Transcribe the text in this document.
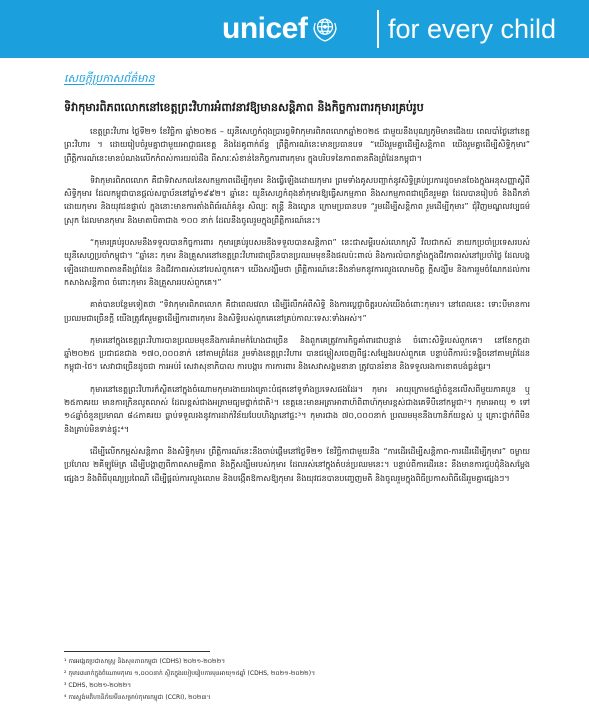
unicef	for every child

សេចក្តីប្រកាសព័ត៌មាន

ទិវាកុមារពិភពលោកនៅខេត្តព្រះវិហារអំពាវនាវឱ្យមានសន្តិភាព និងកិច្ចការពារកុមារគ្រប់រូប

ខេត្តព្រះវិហារ ថ្ងៃទី២១ ខែវិច្ឆិកា ឆ្នាំ២០២៥ – យូនីសេហ្វកំពុងប្រារព្ធទិវាកុមារពិភពលោកឆ្នាំ២០២៥ ជាមួយនឹងបុណ្យភូមិមានជើងយ ពេលបាំថ្ងៃនៅខេត្តព្រះវិហារ ។ ដោយរៀបចំរួមគ្នាជាមួយអាជ្ញាធរខេត្ត និងដៃគូពាក់ព័ន្ធ ព្រឹត្តិការណ៍នេះមានប្រធានបទ “យើងរួមគ្នាដើម្បីសន្តិភាព យើងរួមគ្នាដើម្បីសិទ្ធិកុមារ” ព្រឹត្តិការណ៍នេះមានបំណងលើកកំពស់ការយល់ដឹង ពីសារៈសំខាន់នៃកិច្ចការពារកុមារ ក្នុងបរិបទនៃភាពតានតឹងព្រំដែនកម្ពុជា។

ទិវាកុមារពិភពលោក គឺជាទិវាសកលនៃសកម្មភាពដើម្បីកុមារ និងធ្វើឡើងដោយកុមារ ព្រមទាំងគូសបញ្ជាក់នូវសិទ្ធិគ្រប់ប្រការដូចមានចែងក្នុងអនុសញ្ញាស្តីពីសិទ្ធិកុមារ ដែលកម្ពុជាបានផ្តល់សច្ចាប័ននៅឆ្នាំ១៩៩២។ ឆ្នាំនេះ យូនីសេហ្វកំពុងនាំកុមារឱ្យធ្វើសកម្មភាព និងសកម្មភាពជាច្រើនរួមគ្នា ដែលបានរៀបចំ និងដឹកនាំដោយកុមារ និងយុវជនផ្ទាល់ ក្នុងនោះមានការតាំងពិព័រណ៍គំនូរ សិល្បៈ តន្ត្រី និងល្ខោន ក្រោមប្រធានបទ “រួមដើម្បីសន្តិភាព រួមដើម្បីកុមារ” ជុំវិញមណ្ឌលវប្បធម៌ស្រុក ដែលមានកុមារ និងមាតាបិតាជាង ១០០ នាក់ ដែលនឹងចូលរួមក្នុងព្រឹត្តិការណ៍នេះ។

“កុមារគ្រប់រូបសមនឹងទទួលបានកិច្ចការពារ កុមារគ្រប់រូបសមនឹងទទួលបានសន្តិភាព” នេះជាសម្តីរបស់លោកស្រី វីលជាកស៍ នាយកប្រចាំប្រទេសរបស់យូនីសេហ្វប្រចាំកម្ពុជា។ “ឆ្នាំនេះ កុមារ និងគ្រួសារនៅខេត្តព្រះវិហារជាច្រើនបានប្រឈមមុខនឹងផលប៉ះពាល់ និងការលំបាកខ្លាំងក្នុងជីវភាពរស់នៅប្រចាំថ្ងៃ ដែលបង្កឡើងដោយភាពតានតឹងព្រំដែន និងជីវភាពរស់នៅរបស់ពួកគេ។ យើងសង្ឃឹមថា ព្រឹត្តិការណ៍នេះនឹងនាំមកនូវការលួងលោមចិត្ត ក្តីសង្ឃឹម និងការរួមចំណែកដល់ការកសាងសន្តិភាព ចំពោះកុមារ និងគ្រួសាររបស់ពួកគេ។”

គាត់បានបន្ថែមទៀតថា “ទិវាកុមារពិភពលោក គឺជាពេលវេលា ដើម្បីរំលឹកអំពីសិទ្ធិ និងការប្តេជ្ញាចិត្តរបស់យើងចំពោះកុមារ។ នៅពេលនេះ ទោះបីមានការប្រឈមជាច្រើនក្តី យើងត្រូវតែរួមគ្នាដើម្បីការពារកុមារ និងសិទ្ធិរបស់ពួកគេនៅគ្រប់កាលៈទេសៈទាំងអស់។”

កុមារនៅក្នុងខេត្តព្រះវិហារបានប្រឈមមុខនឹងការគំរាមកំហែងជាច្រើន និងពួកគេត្រូវការកិច្ចគាំពារជាបន្ទាន់ ចំពោះសិទ្ធិរបស់ពួកគេ។ នៅខែកក្កដា ឆ្នាំ២០២៥ ប្រជាជនជាង ១៧០,០០០នាក់ នៅតាមព្រំដែន រួមទាំងខេត្តព្រះវិហារ បានជម្លៀសចេញពីផ្ទះសម្បែងរបស់ពួកគេ បន្ទាប់ពីការប៉ះទង្គិចនៅតាមព្រំដែនកម្ពុជា-ថៃ។ សេវាជាច្រើនដូចជា ការអប់រំ សេវាសុខាភិបាល ការបង្ការ ការការពារ និងសេវាសង្គមនានា ត្រូវបានរំខាន និងទទួលរងការខាតបង់ធ្ងន់ធ្ងរ។

កុមារនៅខេត្តព្រះវិហារក៏ស្ថិតនៅក្នុងចំណោមកុមារងាយរងគ្រោះបំផុតនៅទូទាំងប្រទេសផងដែរ។ កុមារ អាយុក្រោម៥ឆ្នាំចំនួនលើសពីមួយភាគបួន ឬ ២៥ភាគរយ មានការក្រិនលូតលាស់ ដែលខ្ពស់ជាងអត្រាមធ្យមថ្នាក់ជាតិ¹។ ខេត្តនេះមានអត្រាអាពាហ៍ពិពាហ៍កុមារខ្ពស់ជាងគេទីបីនៅកម្ពុជា²។ កុមារអាយុ ១ ទៅ ១៤ឆ្នាំចំនួនប្រមាណ ៨៤ភាគរយ ធ្លាប់ទទួលរងនូវការដាក់វិន័យបែបហិង្សានៅផ្ទះ³។ កុមារជាង ៧០,០០០នាក់ ប្រឈមមុខនឹងហានិភ័យខ្ពស់ ឬ គ្រោះថ្នាក់ពីមីន និងគ្រាប់មិនទាន់ផ្ទុះ⁴។

ដើម្បីលើកកម្ពស់សន្តិភាព និងសិទ្ធិកុមារ ព្រឹត្តិការណ៍នេះនឹងចាប់ផ្តើមនៅថ្ងៃទី២១ ខែវិច្ឆិកាជាមួយនឹង “ការដើរដើម្បីសន្តិភាព-ការដើរដើម្បីកុមារ” ចម្ងាយប្រហែល ២គីឡូម៉ែត្រ ដើម្បីបង្ហាញពីភាពសាមគ្គីភាព និងក្តីសង្ឃឹមរបស់កុមារ ដែលរស់នៅក្នុងតំបន់ប្រឈមនេះ។ បន្ទាប់ពីការដើរនេះ នឹងមានការជួបជុំនិងសម្តែងផ្សេងៗ និងពិធីបុណ្យប្រពៃណី ដើម្បីផ្តល់ការលួងលោម និងបង្កើតឱកាសឱ្យកុមារ និងយុវជនបានបញ្ចេញមតិ និងចូលរួមក្នុងពិធីប្រកាសពិធីដើររួមគ្នាផ្សេងៗ។

¹ ការអង្កេតប្រជាសាស្ត្រ និងសុខភាពកម្ពុជា (CDHS) ២០២១-២០២២។

² កុមារ៣នាក់ក្នុងចំណោមកុមារ ១,០០០នាក់ ស្ថិតក្នុងរបៀបរៀបការមុនអាយុ១៥ឆ្នាំ (CDHS, ២០២១-២០២២)។

³ CDHS, ២០២១-២០២២។

⁴ ការស្ទង់មតិហានិភ័យមីនសម្រាប់កុមារកម្ពុជា (CCRI), ២០២៣។
